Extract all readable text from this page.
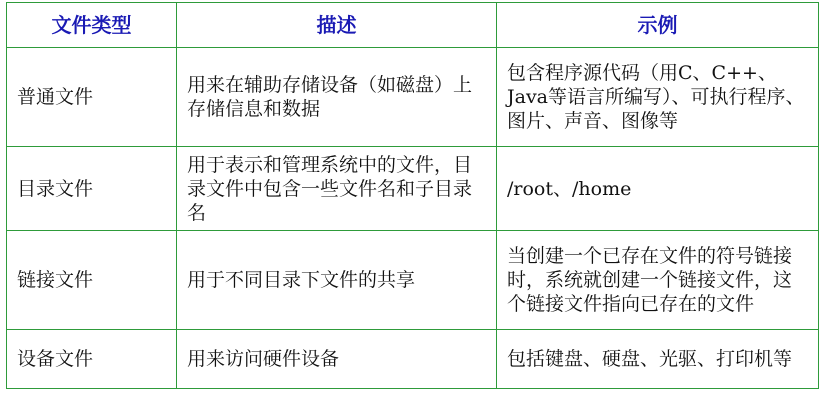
文件类型	描述	示例
普通文件	用来在辅助存储设备（如磁盘）上存储信息和数据	包含程序源代码（用C、C++、Java等语言所编写）、可执行程序、图片、声音、图像等
目录文件	用于表示和管理系统中的文件，目录文件中包含一些文件名和子目录名	/root、/home
链接文件	用于不同目录下文件的共享	当创建一个已存在文件的符号链接时，系统就创建一个链接文件，这个链接文件指向已存在的文件
设备文件	用来访问硬件设备	包括键盘、硬盘、光驱、打印机等
